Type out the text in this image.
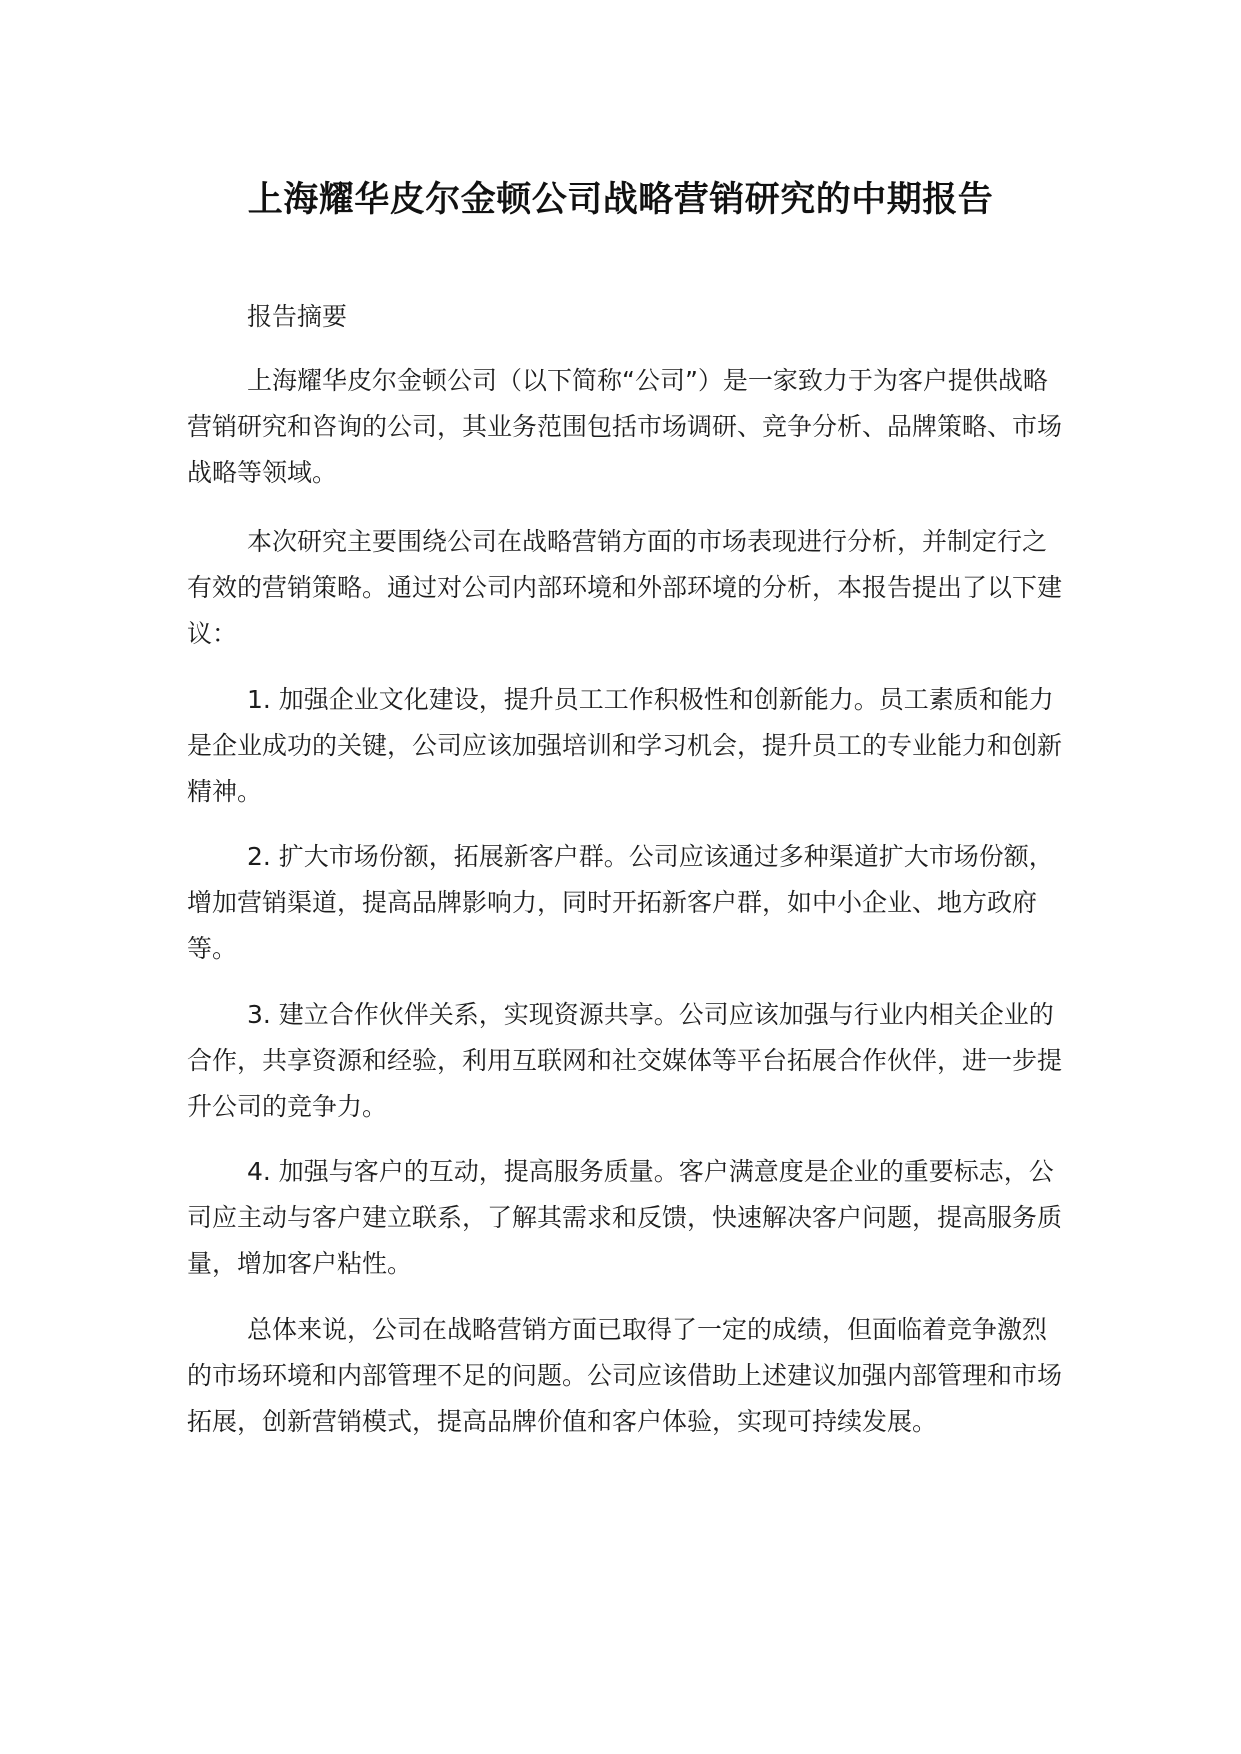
上海耀华皮尔金顿公司战略营销研究的中期报告

报告摘要

上海耀华皮尔金顿公司（以下简称“公司”）是一家致力于为客户提供战略营销研究和咨询的公司，其业务范围包括市场调研、竞争分析、品牌策略、市场战略等领域。

本次研究主要围绕公司在战略营销方面的市场表现进行分析，并制定行之有效的营销策略。通过对公司内部环境和外部环境的分析，本报告提出了以下建议：

1. 加强企业文化建设，提升员工工作积极性和创新能力。员工素质和能力是企业成功的关键，公司应该加强培训和学习机会，提升员工的专业能力和创新精神。

2. 扩大市场份额，拓展新客户群。公司应该通过多种渠道扩大市场份额，增加营销渠道，提高品牌影响力，同时开拓新客户群，如中小企业、地方政府等。

3. 建立合作伙伴关系，实现资源共享。公司应该加强与行业内相关企业的合作，共享资源和经验，利用互联网和社交媒体等平台拓展合作伙伴，进一步提升公司的竞争力。

4. 加强与客户的互动，提高服务质量。客户满意度是企业的重要标志，公司应主动与客户建立联系，了解其需求和反馈，快速解决客户问题，提高服务质量，增加客户粘性。

总体来说，公司在战略营销方面已取得了一定的成绩，但面临着竞争激烈的市场环境和内部管理不足的问题。公司应该借助上述建议加强内部管理和市场拓展，创新营销模式，提高品牌价值和客户体验，实现可持续发展。
